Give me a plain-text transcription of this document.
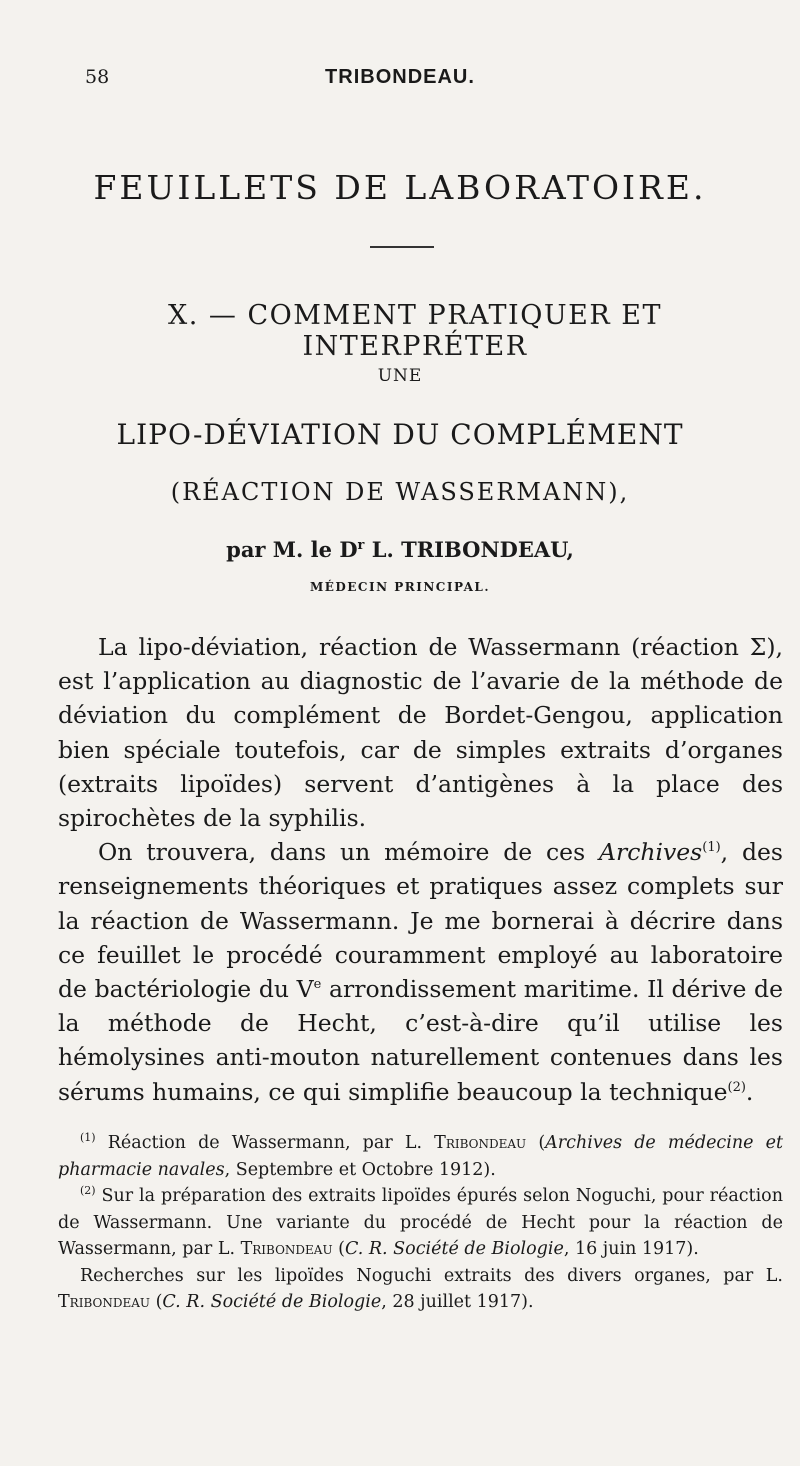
58	TRIBONDEAU.
FEUILLETS DE LABORATOIRE.
X. — COMMENT PRATIQUER ET INTERPRÉTER
UNE
LIPO-DÉVIATION DU COMPLÉMENT
(RÉACTION DE WASSERMANN),
par M. le $D^r$ L. TRIBONDEAU,
MÉDECIN PRINCIPAL.

La lipo-déviation, réaction de Wassermann (réaction Σ), est l’application au diagnostic de l’avarie de la méthode de déviation du complément de Bordet-Gengou, application bien spéciale toutefois, car de simples extraits d’organes (extraits lipoïdes) servent d’antigènes à la place des spirochètes de la syphilis.

On trouvera, dans un mémoire de ces Archives$^{(1)}$, des renseignements théoriques et pratiques assez complets sur la réaction de Wassermann. Je me bornerai à décrire dans ce feuillet le procédé couramment employé au laboratoire de bactériologie du Ve arrondissement maritime. Il dérive de la méthode de Hecht, c’est-à-dire qu’il utilise les hémolysines anti-mouton naturellement contenues dans les sérums humains, ce qui simplifie beaucoup la technique$^{(2)}$.

$^{(1)}$ Réaction de Wassermann, par L. Tribondeau (Archives de médecine et pharmacie navales, Septembre et Octobre 1912).

$^{(2)}$ Sur la préparation des extraits lipoïdes épurés selon Noguchi, pour réaction de Wassermann. Une variante du procédé de Hecht pour la réaction de Wassermann, par L. Tribondeau (C. R. Société de Biologie, 16 juin 1917).

Recherches sur les lipoïdes Noguchi extraits des divers organes, par L. Tribondeau (C. R. Société de Biologie, 28 juillet 1917).
